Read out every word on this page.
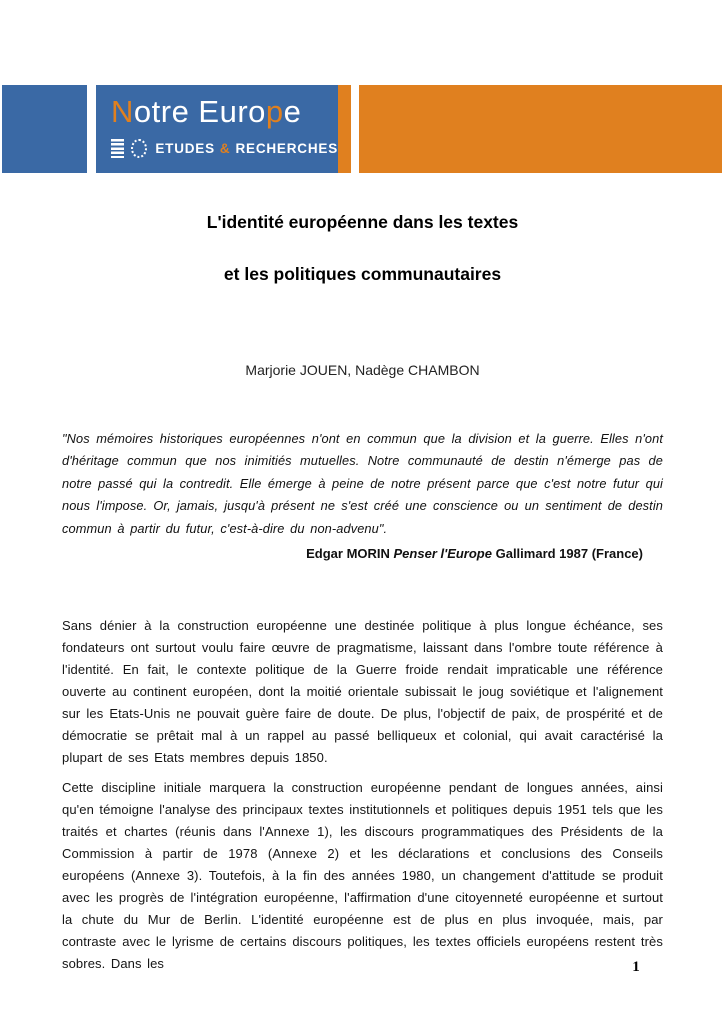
Notre Europe
ETUDES & RECHERCHES
L'identité européenne dans les textes
et les politiques communautaires
Marjorie JOUEN, Nadège CHAMBON
"Nos mémoires historiques européennes n'ont en commun que la division et la guerre. Elles n'ont d'héritage commun que nos inimitiés mutuelles. Notre communauté de destin n'émerge pas de notre passé qui la contredit. Elle émerge à peine de notre présent parce que c'est notre futur qui nous l'impose. Or, jamais, jusqu'à présent ne s'est créé une conscience ou un sentiment de destin commun à partir du futur, c'est-à-dire du non-advenu".
Edgar MORIN Penser l'Europe Gallimard 1987 (France)

Sans dénier à la construction européenne une destinée politique à plus longue échéance, ses fondateurs ont surtout voulu faire œuvre de pragmatisme, laissant dans l'ombre toute référence à l'identité. En fait, le contexte politique de la Guerre froide rendait impraticable une référence ouverte au continent européen, dont la moitié orientale subissait le joug soviétique et l'alignement sur les Etats-Unis ne pouvait guère faire de doute. De plus, l'objectif de paix, de prospérité et de démocratie se prêtait mal à un rappel au passé belliqueux et colonial, qui avait caractérisé la plupart de ses Etats membres depuis 1850.

Cette discipline initiale marquera la construction européenne pendant de longues années, ainsi qu'en témoigne l'analyse des principaux textes institutionnels et politiques depuis 1951 tels que les traités et chartes (réunis dans l'Annexe 1), les discours programmatiques des Présidents de la Commission à partir de 1978 (Annexe 2) et les déclarations et conclusions des Conseils européens (Annexe 3). Toutefois, à la fin des années 1980, un changement d'attitude se produit avec les progrès de l'intégration européenne, l'affirmation d'une citoyenneté européenne et surtout la chute du Mur de Berlin. L'identité européenne est de plus en plus invoquée, mais, par contraste avec le lyrisme de certains discours politiques, les textes officiels européens restent très sobres. Dans les	1
